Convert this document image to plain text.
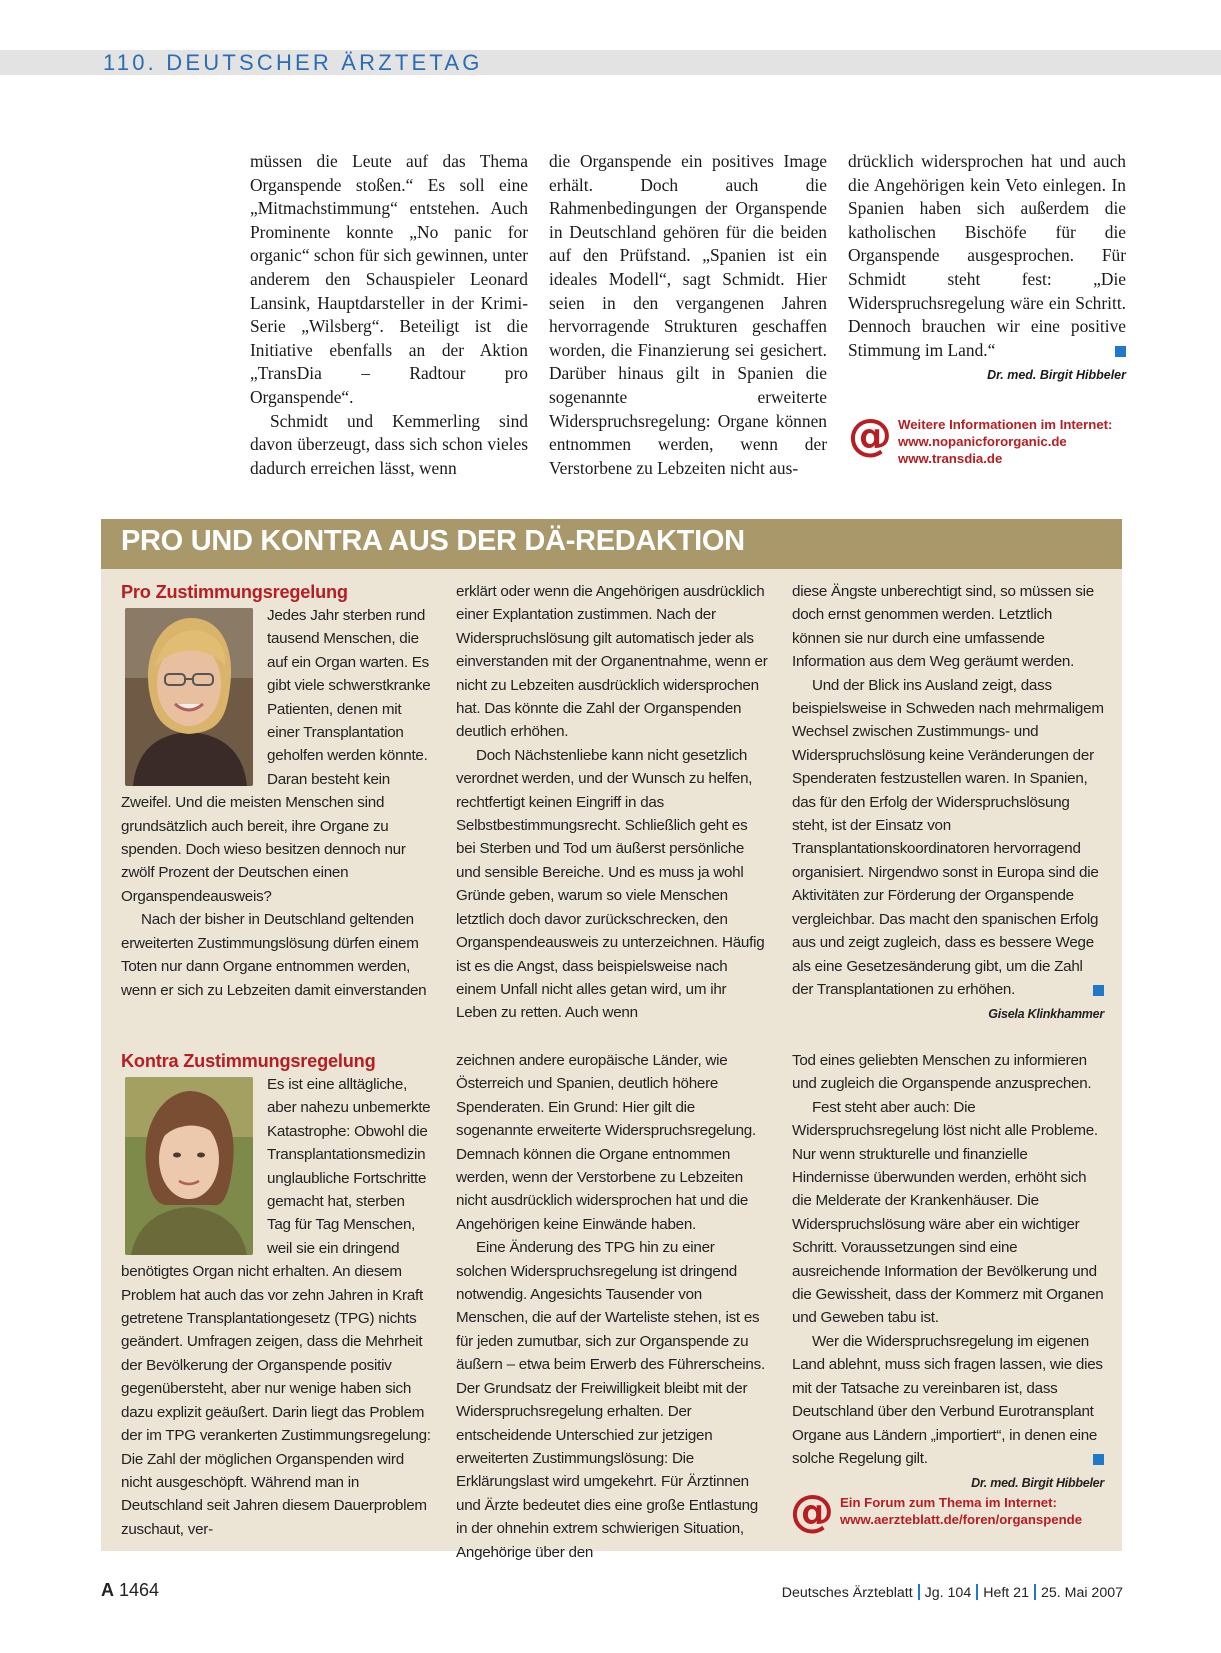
110. DEUTSCHER ÄRZTETAG

müssen die Leute auf das Thema Organspende stoßen.“ Es soll eine „Mitmachstimmung“ entstehen. Auch Prominente konnte „No panic for organic“ schon für sich gewinnen, unter anderem den Schauspieler Leonard Lansink, Hauptdarsteller in der Krimi-Serie „Wilsberg“. Beteiligt ist die Initiative ebenfalls an der Aktion „TransDia – Radtour pro Organspende“.

Schmidt und Kemmerling sind davon überzeugt, dass sich schon vieles dadurch erreichen lässt, wenn

die Organspende ein positives Image erhält. Doch auch die Rahmenbedingungen der Organspende in Deutschland gehören für die beiden auf den Prüfstand. „Spanien ist ein ideales Modell“, sagt Schmidt. Hier seien in den vergangenen Jahren hervorragende Strukturen geschaffen worden, die Finanzierung sei gesichert. Darüber hinaus gilt in Spanien die sogenannte erweiterte Widerspruchsregelung: Organe können entnommen werden, wenn der Verstorbene zu Lebzeiten nicht aus-

drücklich widersprochen hat und auch die Angehörigen kein Veto einlegen. In Spanien haben sich außerdem die katholischen Bischöfe für die Organspende ausgesprochen. Für Schmidt steht fest: „Die Widerspruchsregelung wäre ein Schritt. Dennoch brauchen wir eine positive Stimmung im Land.“

Dr. med. Birgit Hibbeler
@ Weitere Informationen im Internet:
www.nopanicfororganic.de
www.transdia.de
PRO UND KONTRA AUS DER DÄ-REDAKTION
Pro Zustimmungsregelung

Jedes Jahr sterben rund tausend Menschen, die auf ein Organ warten. Es gibt viele schwerstkranke Patienten, denen mit einer Transplantation geholfen werden könnte. Daran besteht kein Zweifel. Und die meisten Menschen sind grundsätzlich auch bereit, ihre Organe zu spenden. Doch wieso besitzen dennoch nur zwölf Prozent der Deutschen einen Organspendeausweis?

Nach der bisher in Deutschland geltenden erweiterten Zustimmungslösung dürfen einem Toten nur dann Organe entnommen werden, wenn er sich zu Lebzeiten damit einverstanden

erklärt oder wenn die Angehörigen ausdrücklich einer Explantation zustimmen. Nach der Widerspruchslösung gilt automatisch jeder als einverstanden mit der Organentnahme, wenn er nicht zu Lebzeiten ausdrücklich widersprochen hat. Das könnte die Zahl der Organspenden deutlich erhöhen.

Doch Nächstenliebe kann nicht gesetzlich verordnet werden, und der Wunsch zu helfen, rechtfertigt keinen Eingriff in das Selbstbestimmungsrecht. Schließlich geht es bei Sterben und Tod um äußerst persönliche und sensible Bereiche. Und es muss ja wohl Gründe geben, warum so viele Menschen letztlich doch davor zurückschrecken, den Organspendeausweis zu unterzeichnen. Häufig ist es die Angst, dass beispielsweise nach einem Unfall nicht alles getan wird, um ihr Leben zu retten. Auch wenn

diese Ängste unberechtigt sind, so müssen sie doch ernst genommen werden. Letztlich können sie nur durch eine umfassende Information aus dem Weg geräumt werden.

Und der Blick ins Ausland zeigt, dass beispielsweise in Schweden nach mehrmaligem Wechsel zwischen Zustimmungs- und Widerspruchslösung keine Veränderungen der Spenderaten festzustellen waren. In Spanien, das für den Erfolg der Widerspruchslösung steht, ist der Einsatz von Transplantationskoordinatoren hervorragend organisiert. Nirgendwo sonst in Europa sind die Aktivitäten zur Förderung der Organspende vergleichbar. Das macht den spanischen Erfolg aus und zeigt zugleich, dass es bessere Wege als eine Gesetzesänderung gibt, um die Zahl der Transplantationen zu erhöhen.

Gisela Klinkhammer
Kontra Zustimmungsregelung

Es ist eine alltägliche, aber nahezu unbemerkte Katastrophe: Obwohl die Transplantationsmedizin unglaubliche Fortschritte gemacht hat, sterben Tag für Tag Menschen, weil sie ein dringend benötigtes Organ nicht erhalten. An diesem Problem hat auch das vor zehn Jahren in Kraft getretene Transplantationgesetz (TPG) nichts geändert. Umfragen zeigen, dass die Mehrheit der Bevölkerung der Organspende positiv gegenübersteht, aber nur wenige haben sich dazu explizit geäußert. Darin liegt das Problem der im TPG verankerten Zustimmungsregelung: Die Zahl der möglichen Organspenden wird nicht ausgeschöpft. Während man in Deutschland seit Jahren diesem Dauerproblem zuschaut, ver-

zeichnen andere europäische Länder, wie Österreich und Spanien, deutlich höhere Spenderaten. Ein Grund: Hier gilt die sogenannte erweiterte Widerspruchsregelung. Demnach können die Organe entnommen werden, wenn der Verstorbene zu Lebzeiten nicht ausdrücklich widersprochen hat und die Angehörigen keine Einwände haben.

Eine Änderung des TPG hin zu einer solchen Widerspruchsregelung ist dringend notwendig. Angesichts Tausender von Menschen, die auf der Warteliste stehen, ist es für jeden zumutbar, sich zur Organspende zu äußern – etwa beim Erwerb des Führerscheins. Der Grundsatz der Freiwilligkeit bleibt mit der Widerspruchsregelung erhalten. Der entscheidende Unterschied zur jetzigen erweiterten Zustimmungslösung: Die Erklärungslast wird umgekehrt. Für Ärztinnen und Ärzte bedeutet dies eine große Entlastung in der ohnehin extrem schwierigen Situation, Angehörige über den

Tod eines geliebten Menschen zu informieren und zugleich die Organspende anzusprechen.

Fest steht aber auch: Die Widerspruchsregelung löst nicht alle Probleme. Nur wenn strukturelle und finanzielle Hindernisse überwunden werden, erhöht sich die Melderate der Krankenhäuser. Die Widerspruchslösung wäre aber ein wichtiger Schritt. Voraussetzungen sind eine ausreichende Information der Bevölkerung und die Gewissheit, dass der Kommerz mit Organen und Geweben tabu ist.

Wer die Widerspruchsregelung im eigenen Land ablehnt, muss sich fragen lassen, wie dies mit der Tatsache zu vereinbaren ist, dass Deutschland über den Verbund Eurotransplant Organe aus Ländern „importiert“, in denen eine solche Regelung gilt.

Dr. med. Birgit Hibbeler
@ Ein Forum zum Thema im Internet:
www.aerzteblatt.de/foren/organspende
A 1464	Deutsches Ärzteblatt Jg. 104 Heft 21 25. Mai 2007
